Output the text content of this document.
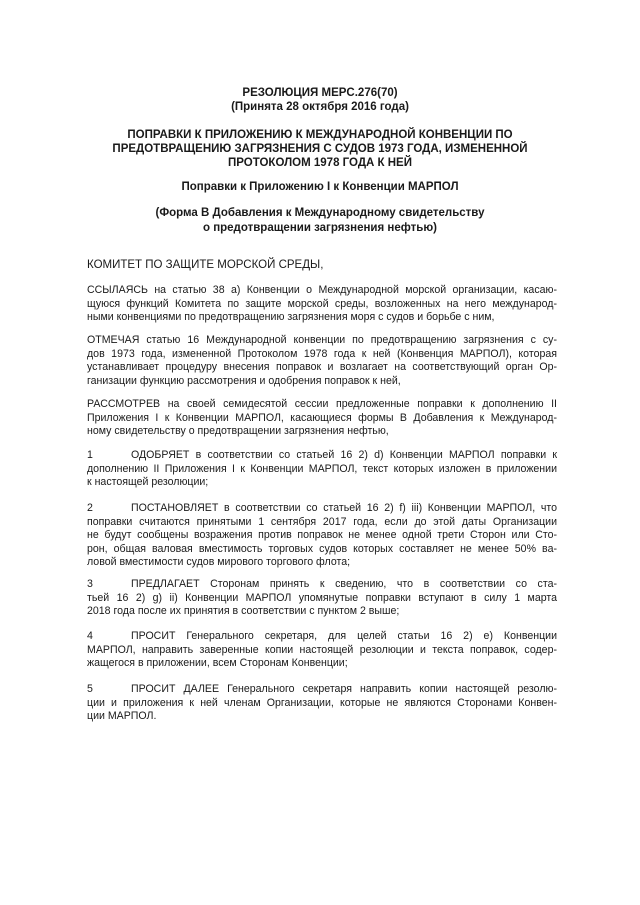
РЕЗОЛЮЦИЯ MEPC.276(70)
(Принята 28 октября 2016 года)
ПОПРАВКИ К ПРИЛОЖЕНИЮ К МЕЖДУНАРОДНОЙ КОНВЕНЦИИ ПО
ПРЕДОТВРАЩЕНИЮ ЗАГРЯЗНЕНИЯ С СУДОВ 1973 ГОДА, ИЗМЕНЕННОЙ
ПРОТОКОЛОМ 1978 ГОДА К НЕЙ
Поправки к Приложению I к Конвенции МАРПОЛ
(Форма В Добавления к Международному свидетельству
о предотвращении загрязнения нефтью)
КОМИТЕТ ПО ЗАЩИТЕ МОРСКОЙ СРЕДЫ,
ССЫЛАЯСЬ на статью 38 а) Конвенции о Международной морской организации, касаю-
щуюся функций Комитета по защите морской среды, возложенных на него международ-
ными конвенциями по предотвращению загрязнения моря с судов и борьбе с ним,
ОТМЕЧАЯ статью 16 Международной конвенции по предотвращению загрязнения с су-
дов 1973 года, измененной Протоколом 1978 года к ней (Конвенция МАРПОЛ), которая
устанавливает процедуру внесения поправок и возлагает на соответствующий орган Ор-
ганизации функцию рассмотрения и одобрения поправок к ней,
РАССМОТРЕВ на своей семидесятой сессии предложенные поправки к дополнению II
Приложения I к Конвенции МАРПОЛ, касающиеся формы В Добавления к Международ-
ному свидетельству о предотвращении загрязнения нефтью,
1	ОДОБРЯЕТ в соответствии со статьей 16 2) d) Конвенции МАРПОЛ поправки к
дополнению II Приложения I к Конвенции МАРПОЛ, текст которых изложен в приложении
к настоящей резолюции;
2	ПОСТАНОВЛЯЕТ в соответствии со статьей 16 2) f) iii) Конвенции МАРПОЛ, что
поправки считаются принятыми 1 сентября 2017 года, если до этой даты Организации
не будут сообщены возражения против поправок не менее одной трети Сторон или Сто-
рон, общая валовая вместимость торговых судов которых составляет не менее 50% ва-
ловой вместимости судов мирового торгового флота;
3	ПРЕДЛАГАЕТ Сторонам принять к сведению, что в соответствии со ста-
тьей 16 2) g) ii) Конвенции МАРПОЛ упомянутые поправки вступают в силу 1 марта
2018 года после их принятия в соответствии с пунктом 2 выше;
4	ПРОСИТ Генерального секретаря, для целей статьи 16 2) е) Конвенции
МАРПОЛ, направить заверенные копии настоящей резолюции и текста поправок, содер-
жащегося в приложении, всем Сторонам Конвенции;
5	ПРОСИТ ДАЛЕЕ Генерального секретаря направить копии настоящей резолю-
ции и приложения к ней членам Организации, которые не являются Сторонами Конвен-
ции МАРПОЛ.
